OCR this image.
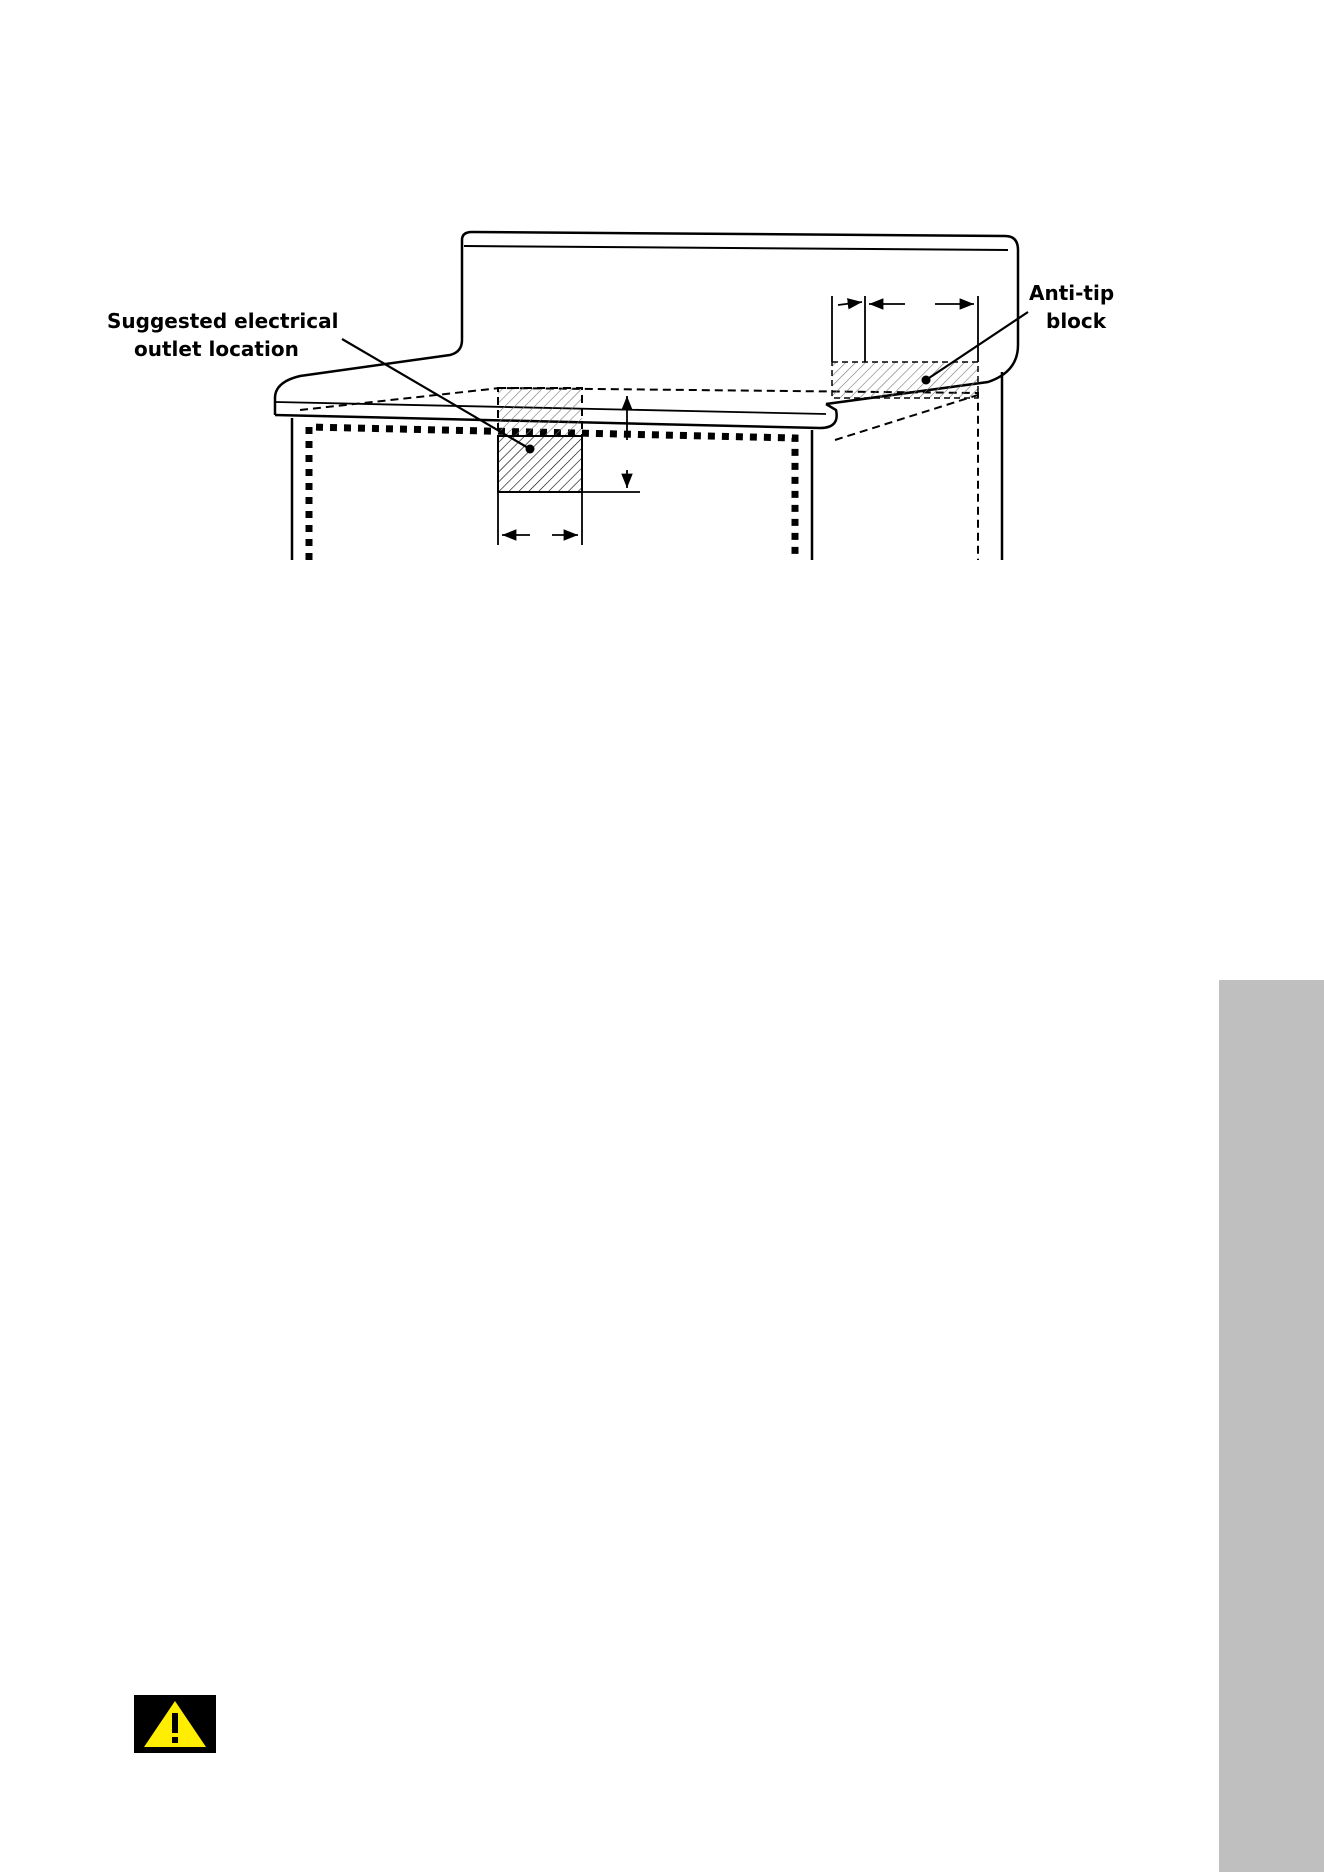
Suggested electrical
outlet location
Anti-tip
block
